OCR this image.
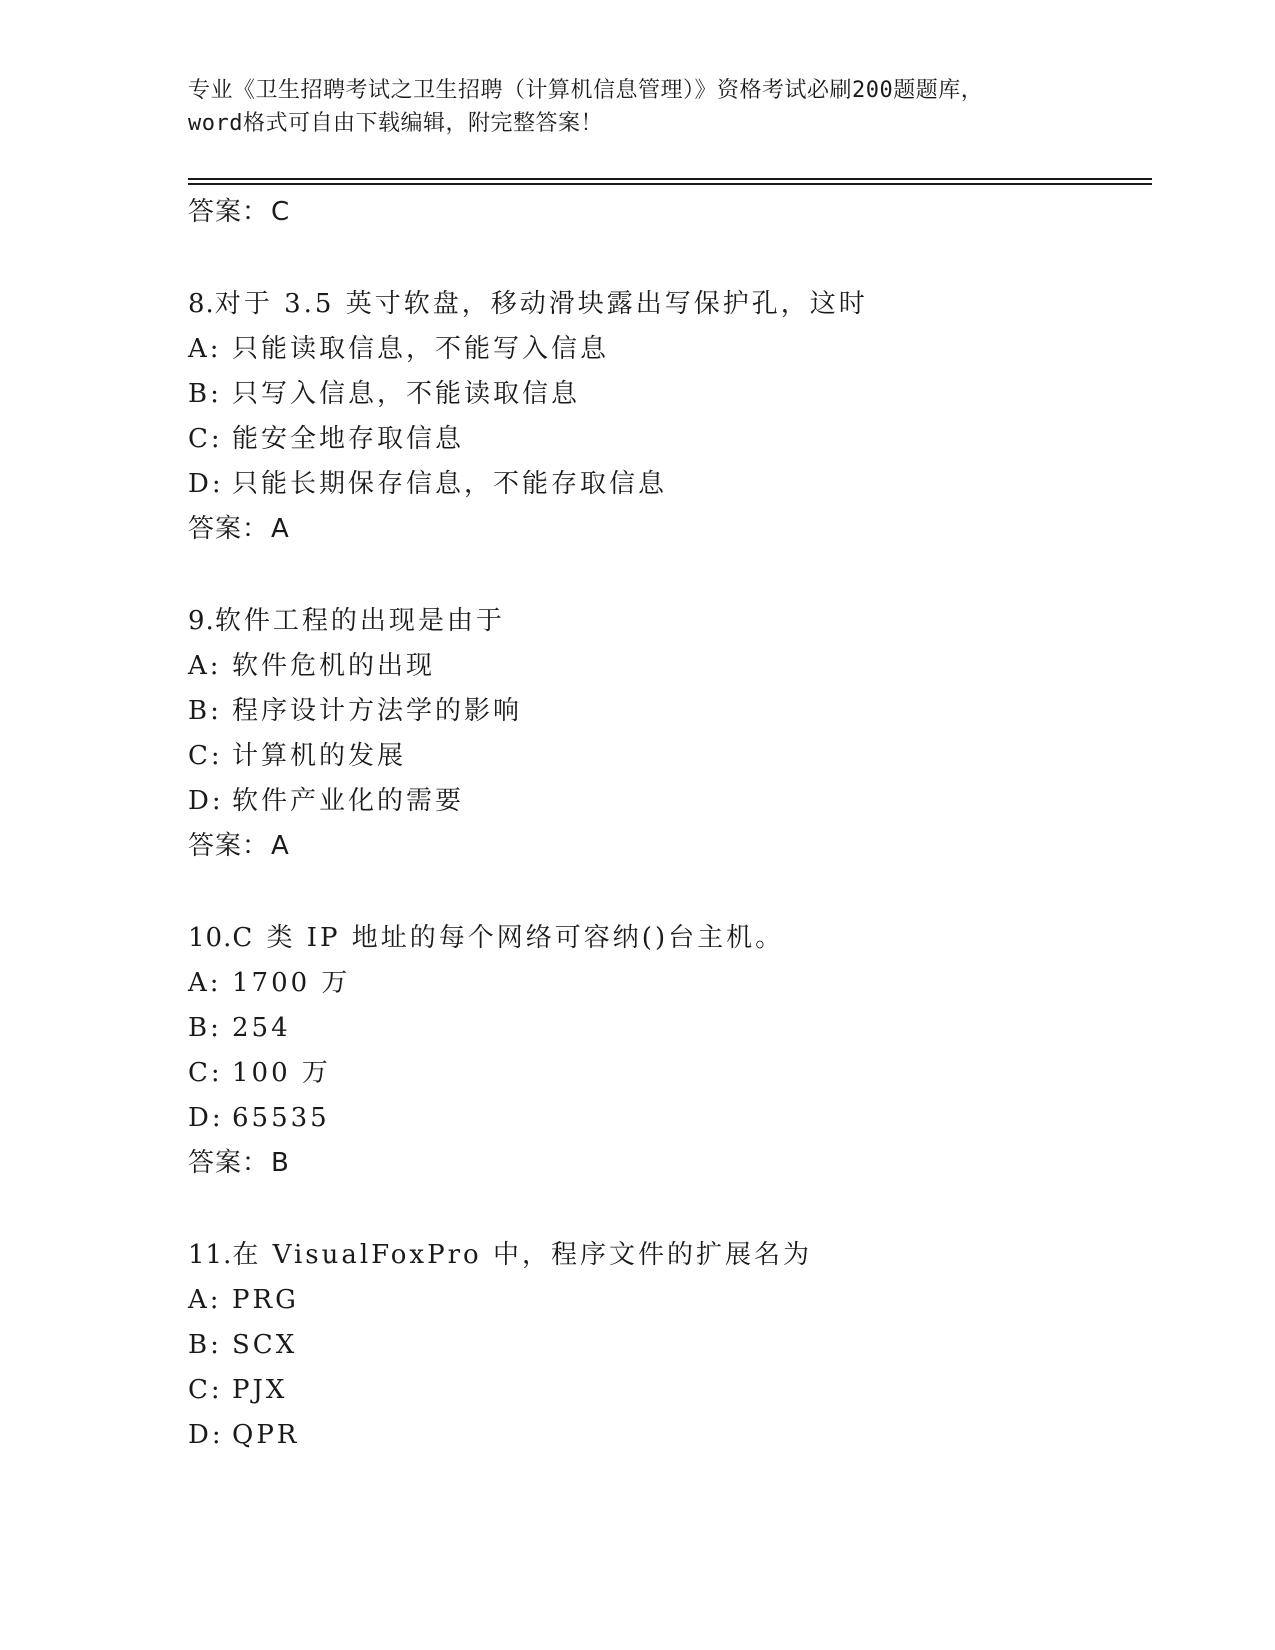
专业《卫生招聘考试之卫生招聘（计算机信息管理）》资格考试必刷200题题库，
word格式可自由下载编辑，附完整答案！
答案：C
8.对于 3.5 英寸软盘，移动滑块露出写保护孔，这时
A: 只能读取信息，不能写入信息
B: 只写入信息，不能读取信息
C: 能安全地存取信息
D: 只能长期保存信息，不能存取信息
答案：A
9.软件工程的出现是由于
A: 软件危机的出现
B: 程序设计方法学的影响
C: 计算机的发展
D: 软件产业化的需要
答案：A
10.C 类 IP 地址的每个网络可容纳()台主机。
A: 1700 万
B: 254
C: 100 万
D: 65535
答案：B
11.在 VisualFoxPro 中，程序文件的扩展名为
A: PRG
B: SCX
C: PJX
D: QPR
